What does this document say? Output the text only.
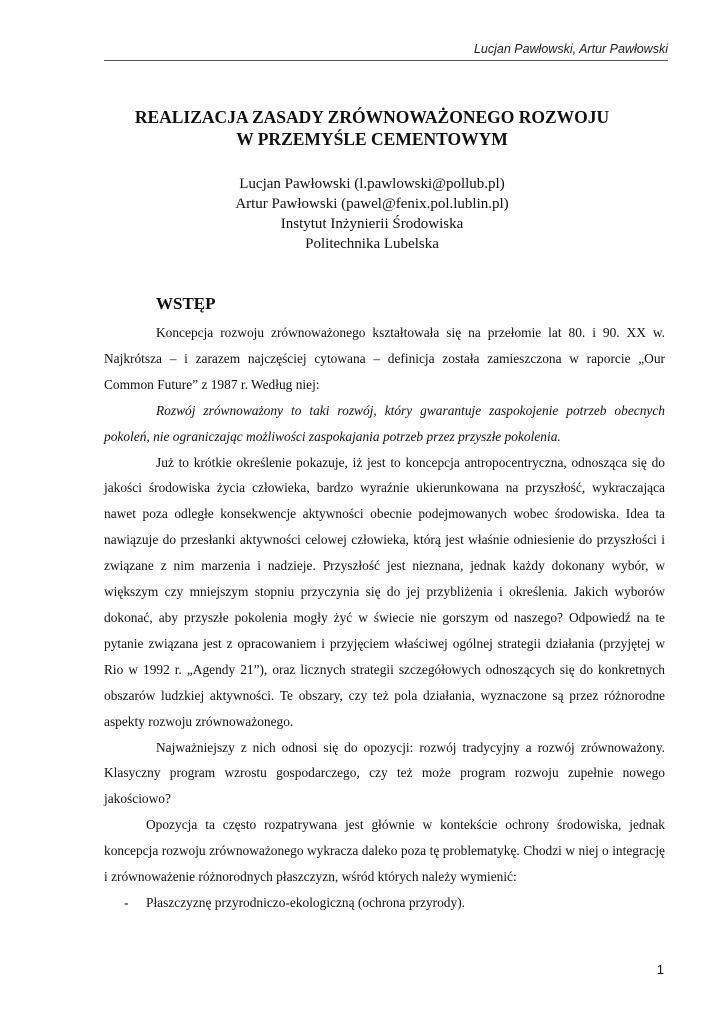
Lucjan Pawłowski, Artur Pawłowski
REALIZACJA ZASADY ZRÓWNOWAŻONEGO ROZWOJU
W PRZEMYŚLE CEMENTOWYM
Lucjan Pawłowski (l.pawlowski@pollub.pl)
Artur Pawłowski (pawel@fenix.pol.lublin.pl)
Instytut Inżynierii Środowiska
Politechnika Lubelska
WSTĘP

Koncepcja rozwoju zrównoważonego kształtowała się na przełomie lat 80. i 90. XX w. Najkrótsza – i zarazem najczęściej cytowana – definicja została zamieszczona w raporcie „Our Common Future” z 1987 r. Według niej:

Rozwój zrównoważony to taki rozwój, który gwarantuje zaspokojenie potrzeb obecnych pokoleń, nie ograniczając możliwości zaspokajania potrzeb przez przyszłe pokolenia.

Już to krótkie określenie pokazuje, iż jest to koncepcja antropocentryczna, odnosząca się do jakości środowiska życia człowieka, bardzo wyraźnie ukierunkowana na przyszłość, wykraczająca nawet poza odległe konsekwencje aktywności obecnie podejmowanych wobec środowiska. Idea ta nawiązuje do przesłanki aktywności celowej człowieka, którą jest właśnie odniesienie do przyszłości i związane z nim marzenia i nadzieje. Przyszłość jest nieznana, jednak każdy dokonany wybór, w większym czy mniejszym stopniu przyczynia się do jej przybliżenia i określenia. Jakich wyborów dokonać, aby przyszłe pokolenia mogły żyć w świecie nie gorszym od naszego? Odpowiedź na te pytanie związana jest z opracowaniem i przyjęciem właściwej ogólnej strategii działania (przyjętej w Rio w 1992 r. „Agendy 21”), oraz licznych strategii szczegółowych odnoszących się do konkretnych obszarów ludzkiej aktywności. Te obszary, czy też pola działania, wyznaczone są przez różnorodne aspekty rozwoju zrównoważonego.

Najważniejszy z nich odnosi się do opozycji: rozwój tradycyjny a rozwój zrównoważony. Klasyczny program wzrostu gospodarczego, czy też może program rozwoju zupełnie nowego jakościowo?

Opozycja ta często rozpatrywana jest głównie w kontekście ochrony środowiska, jednak koncepcja rozwoju zrównoważonego wykracza daleko poza tę problematykę. Chodzi w niej o integrację i zrównoważenie różnorodnych płaszczyzn, wśród których należy wymienić:

- Płaszczyznę przyrodniczo-ekologiczną (ochrona przyrody).
1
